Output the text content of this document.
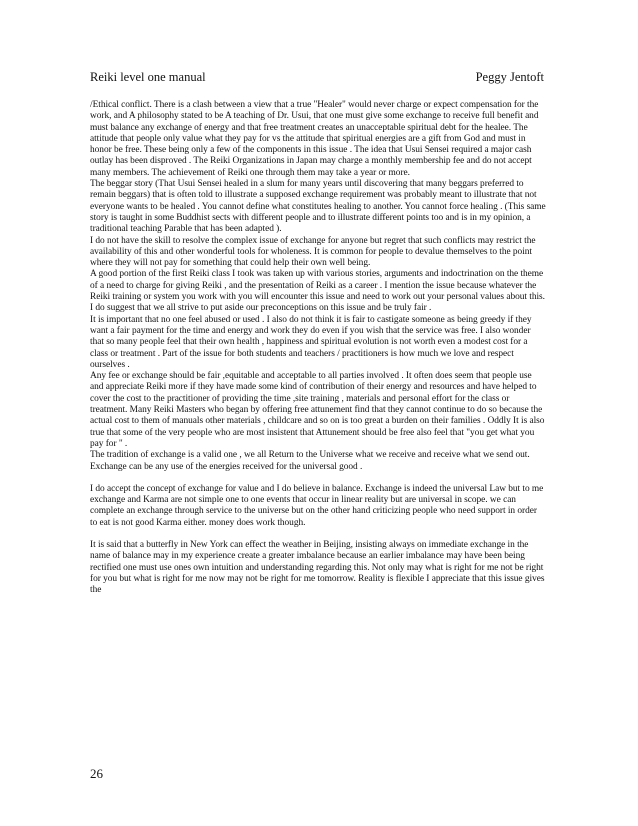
Reiki level one manual	Peggy Jentoft

/Ethical conflict. There is a clash between a view that a true "Healer" would never charge or expect compensation for the work, and A philosophy stated to be A teaching of Dr. Usui, that one must give some exchange to receive full benefit and must balance any exchange of energy and that free treatment creates an unacceptable spiritual debt for the healee. The attitude that people only value what they pay for vs the attitude that spiritual energies are a gift from God and must in honor be free. These being only a few of the components in this issue . The idea that Usui Sensei required a major cash outlay has been disproved . The Reiki Organizations in Japan may charge a monthly membership fee and do not accept many members. The achievement of Reiki one through them may take a year or more.

The beggar story (That Usui Sensei healed in a slum for many years until discovering that many beggars preferred to remain beggars) that is often told to illustrate a supposed exchange requirement was probably meant to illustrate that not everyone wants to be healed . You cannot define what constitutes healing to another. You cannot force healing . (This same story is taught in some Buddhist sects with different people and to illustrate different points too and is in my opinion, a traditional teaching Parable that has been adapted ).

I do not have the skill to resolve the complex issue of exchange for anyone but regret that such conflicts may restrict the availability of this and other wonderful tools for wholeness. It is common for people to devalue themselves to the point where they will not pay for something that could help their own well being.

A good portion of the first Reiki class I took was taken up with various stories, arguments and indoctrination on the theme of a need to charge for giving Reiki , and the presentation of Reiki as a career . I mention the issue because whatever the Reiki training or system you work with you will encounter this issue and need to work out your personal values about this. I do suggest that we all strive to put aside our preconceptions on this issue and be truly fair .

It is important that no one feel abused or used . I also do not think it is fair to castigate someone as being greedy if they want a fair payment for the time and energy and work they do even if you wish that the service was free. I also wonder that so many people feel that their own health , happiness and spiritual evolution is not worth even a modest cost for a class or treatment . Part of the issue for both students and teachers / practitioners is how much we love and respect ourselves .

Any fee or exchange should be fair ,equitable and acceptable to all parties involved . It often does seem that people use and appreciate Reiki more if they have made some kind of contribution of their energy and resources and have helped to cover the cost to the practitioner of providing the time ,site training , materials and personal effort for the class or treatment. Many Reiki Masters who began by offering free attunement find that they cannot continue to do so because the actual cost to them of manuals other materials , childcare and so on is too great a burden on their families . Oddly It is also true that some of the very people who are most insistent that Attunement should be free also feel that "you get what you pay for " .

The tradition of exchange is a valid one , we all Return to the Universe what we receive and receive what we send out. Exchange can be any use of the energies received for the universal good .

I do accept the concept of exchange for value and I do believe in balance. Exchange is indeed the universal Law but to me exchange and Karma are not simple one to one events that occur in linear reality but are universal in scope. we can complete an exchange through service to the universe but on the other hand criticizing people who need support in order to eat is not good Karma either. money does work though.

It is said that a butterfly in New York can effect the weather in Beijing, insisting always on immediate exchange in the name of balance may in my experience create a greater imbalance because an earlier imbalance may have been being rectified one must use ones own intuition and understanding regarding this. Not only may what is right for me not be right for you but what is right for me now may not be right for me tomorrow. Reality is flexible I appreciate that this issue gives the

26
